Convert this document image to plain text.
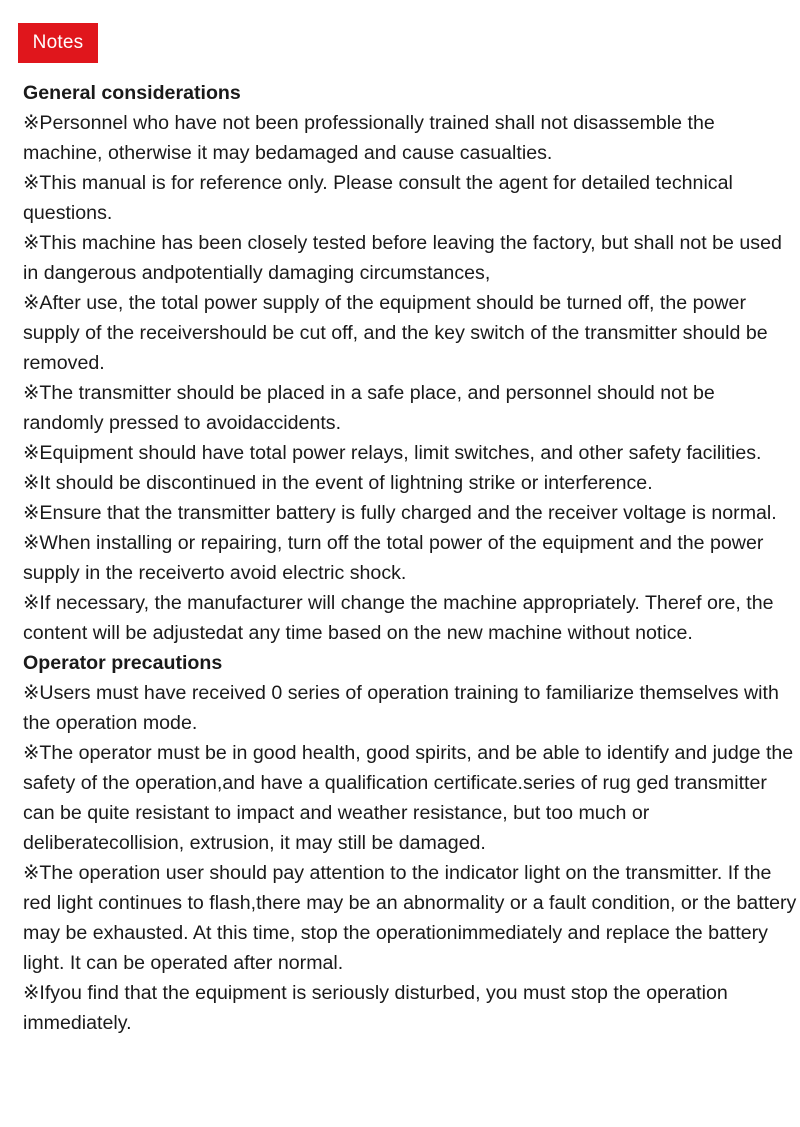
Notes

General considerations

※Personnel who have not been professionally trained shall not disassemble the machine, otherwise it may bedamaged and cause casualties.

※This manual is for reference only. Please consult the agent for detailed technical questions.

※This machine has been closely tested before leaving the factory, but shall not be used in dangerous andpotentially damaging circumstances,

※After use, the total power supply of the equipment should be turned off, the power supply of the receivershould be cut off, and the key switch of the transmitter should be removed.

※The transmitter should be placed in a safe place, and personnel should not be randomly pressed to avoidaccidents.

※Equipment should have total power relays, limit switches, and other safety facilities.

※It should be discontinued in the event of lightning strike or interference.

※Ensure that the transmitter battery is fully charged and the receiver voltage is normal.

※When installing or repairing, turn off the total power of the equipment and the power supply in the receiverto avoid electric shock.

※If necessary, the manufacturer will change the machine appropriately. Theref ore, the content will be adjustedat any time based on the new machine without notice.

Operator precautions

※Users must have received 0 series of operation training to familiarize themselves with the operation mode.

※The operator must be in good health, good spirits, and be able to identify and judge the safety of the operation,and have a qualification certificate.series of rug ged transmitter can be quite resistant to impact and weather resistance, but too much or deliberatecollision, extrusion, it may still be damaged.

※The operation user should pay attention to the indicator light on the transmitter. If the red light continues to flash,there may be an abnormality or a fault condition, or the battery may be exhausted. At this time, stop the operationimmediately and replace the battery light. It can be operated after normal.

※Ifyou find that the equipment is seriously disturbed, you must stop the operation immediately.
